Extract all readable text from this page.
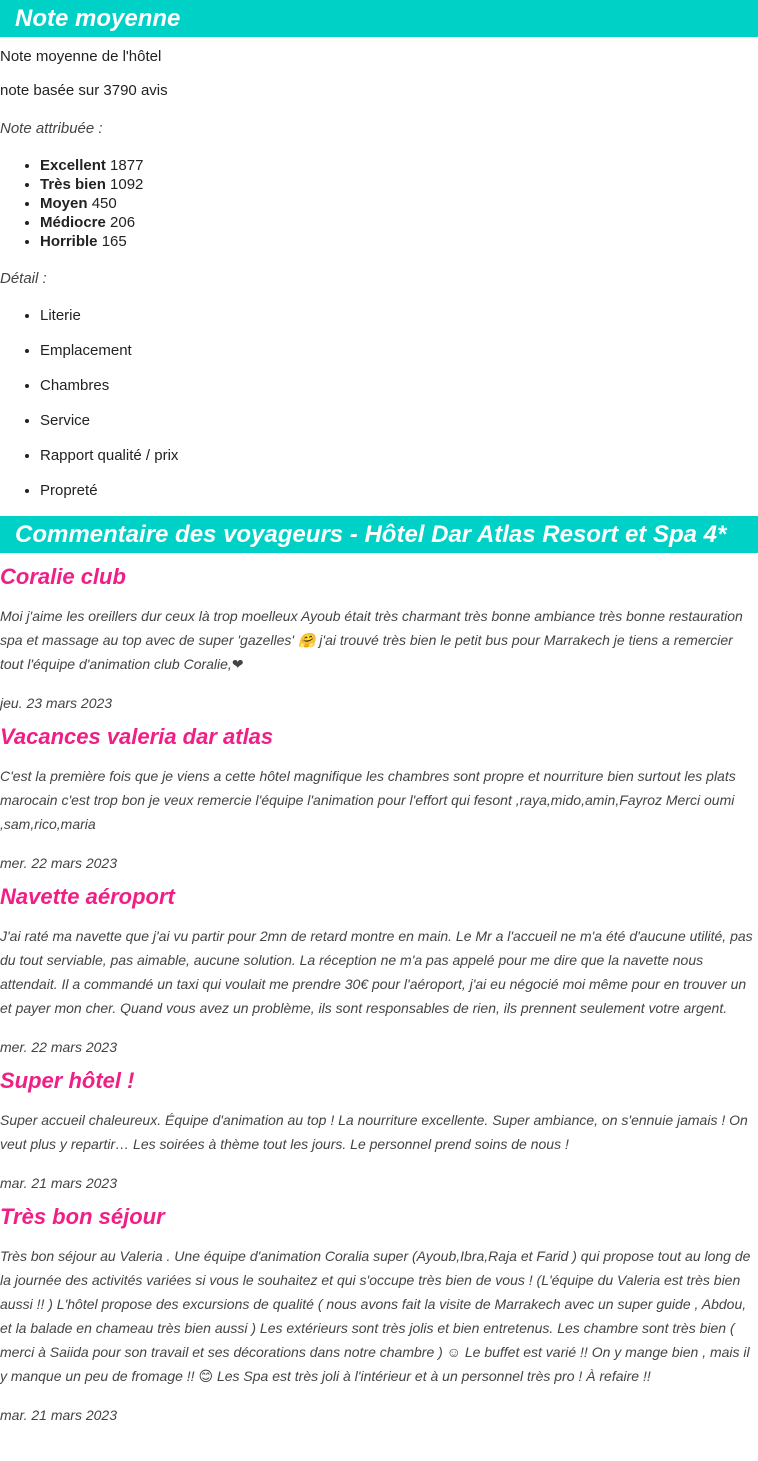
Note moyenne

Note moyenne de l'hôtel

note basée sur 3790 avis

Note attribuée :

• Excellent 1877
• Très bien 1092
• Moyen 450
• Médiocre 206
• Horrible 165

Détail :

• Literie
• Emplacement
• Chambres
• Service
• Rapport qualité / prix
• Propreté
Commentaire des voyageurs - Hôtel Dar Atlas Resort et Spa 4*
Coralie club

Moi j'aime les oreillers dur ceux là trop moelleux Ayoub était très charmant très bonne ambiance très bonne restauration spa et massage au top avec de super 'gazelles' 🤗 j'ai trouvé très bien le petit bus pour Marrakech je tiens a remercier tout l'équipe d'animation club Coralie,❤

jeu. 23 mars 2023

Vacances valeria dar atlas

C'est la première fois que je viens a cette hôtel magnifique les chambres sont propre et nourriture bien surtout les plats marocain c'est trop bon je veux remercie l'équipe l'animation pour l'effort qui fesont ,raya,mido,amin,Fayroz Merci oumi ,sam,rico,maria

mer. 22 mars 2023

Navette aéroport

J'ai raté ma navette que j'ai vu partir pour 2mn de retard montre en main. Le Mr a l'accueil ne m'a été d'aucune utilité, pas du tout serviable, pas aimable, aucune solution. La réception ne m'a pas appelé pour me dire que la navette nous attendait. Il a commandé un taxi qui voulait me prendre 30€ pour l'aéroport, j'ai eu négocié moi même pour en trouver un et payer mon cher. Quand vous avez un problème, ils sont responsables de rien, ils prennent seulement votre argent.

mer. 22 mars 2023

Super hôtel !

Super accueil chaleureux. Équipe d'animation au top ! La nourriture excellente. Super ambiance, on s'ennuie jamais ! On veut plus y repartir… Les soirées à thème tout les jours. Le personnel prend soins de nous !

mar. 21 mars 2023

Très bon séjour

Très bon séjour au Valeria . Une équipe d'animation Coralia super (Ayoub,Ibra,Raja et Farid ) qui propose tout au long de la journée des activités variées si vous le souhaitez et qui s'occupe très bien de vous ! (L'équipe du Valeria est très bien aussi !! ) L'hôtel propose des excursions de qualité ( nous avons fait la visite de Marrakech avec un super guide , Abdou, et la balade en chameau très bien aussi ) Les extérieurs sont très jolis et bien entretenus. Les chambre sont très bien ( merci à Saiida pour son travail et ses décorations dans notre chambre ) ☺ Le buffet est varié !! On y mange bien , mais il y manque un peu de fromage !! 😊 Les Spa est très joli à l'intérieur et à un personnel très pro ! À refaire !!

mar. 21 mars 2023
